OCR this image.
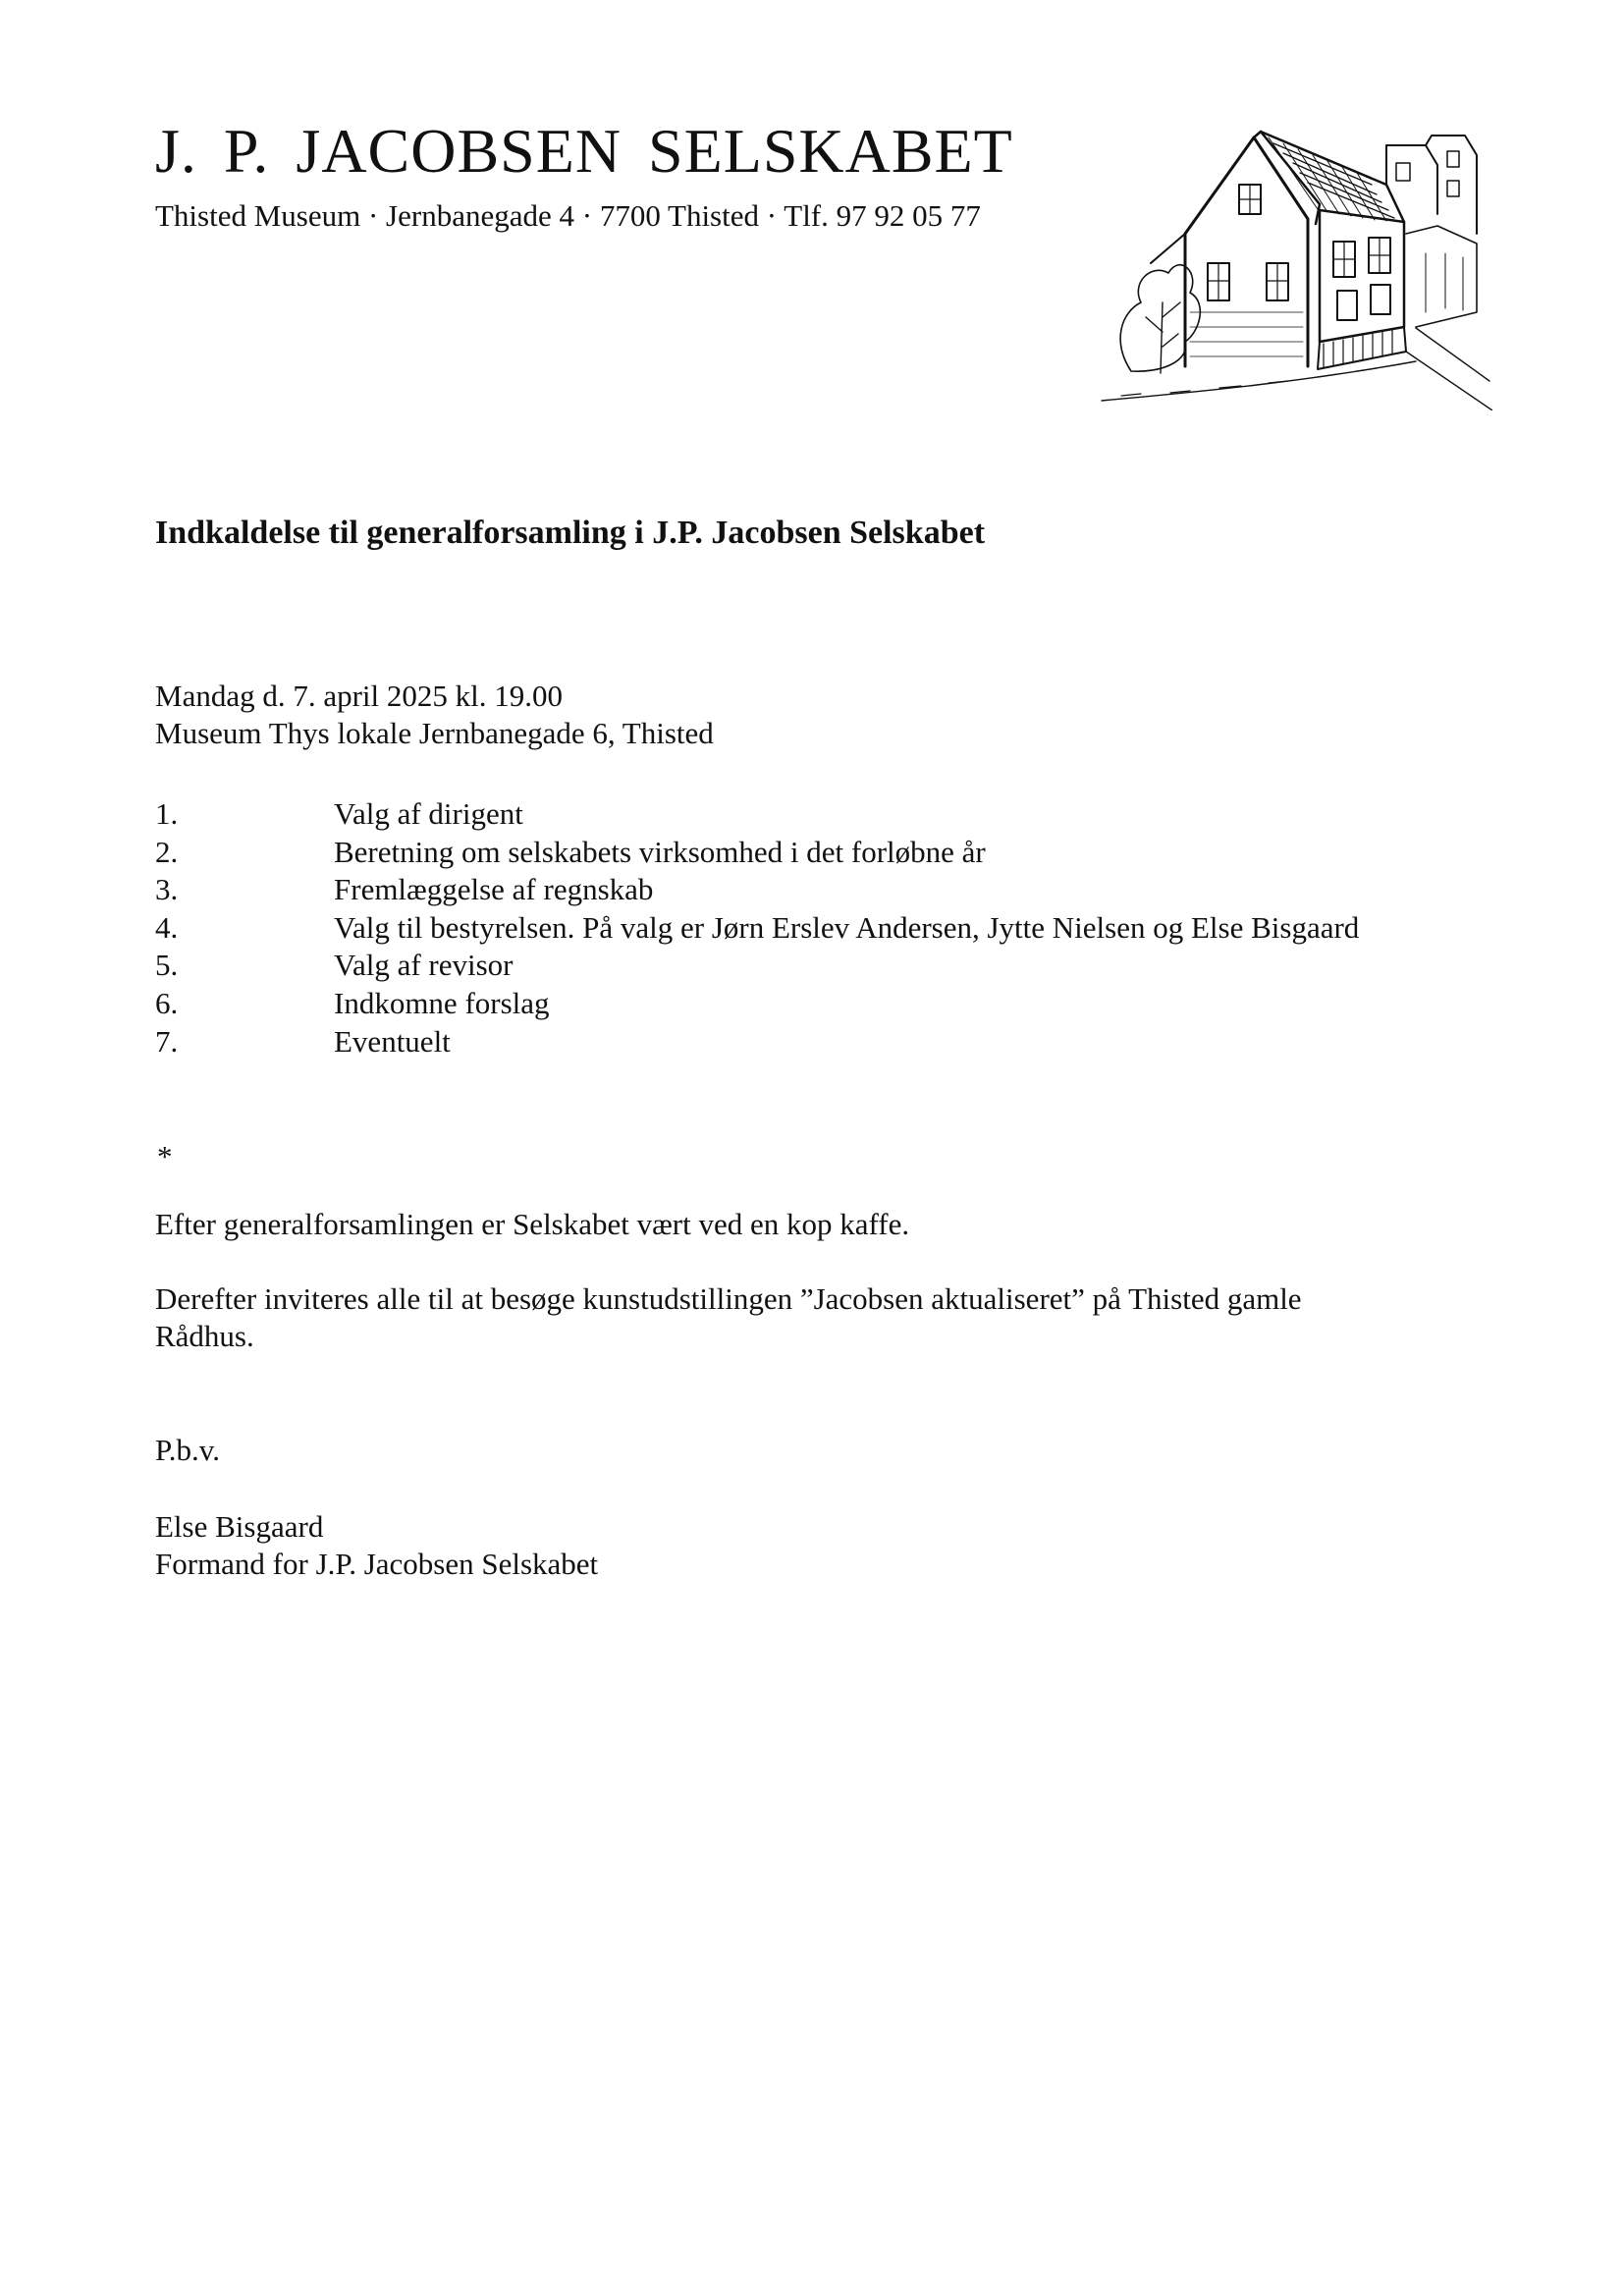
J. P. JACOBSEN SELSKABET
Thisted Museum · Jernbanegade 4 · 7700 Thisted · Tlf. 97 92 05 77
Indkaldelse til generalforsamling i J.P. Jacobsen Selskabet
Mandag d. 7. april 2025 kl. 19.00
Museum Thys lokale Jernbanegade 6, Thisted
1.	Valg af dirigent
2.	Beretning om selskabets virksomhed i det forløbne år
3.	Fremlæggelse af regnskab
4.	Valg til bestyrelsen. På valg er Jørn Erslev Andersen, Jytte Nielsen og Else Bisgaard
5.	Valg af revisor
6.	Indkomne forslag
7.	Eventuelt
*
Efter generalforsamlingen er Selskabet vært ved en kop kaffe.
Derefter inviteres alle til at besøge kunstudstillingen ”Jacobsen aktualiseret” på Thisted gamle
Rådhus.
P.b.v.
Else Bisgaard
Formand for J.P. Jacobsen Selskabet
